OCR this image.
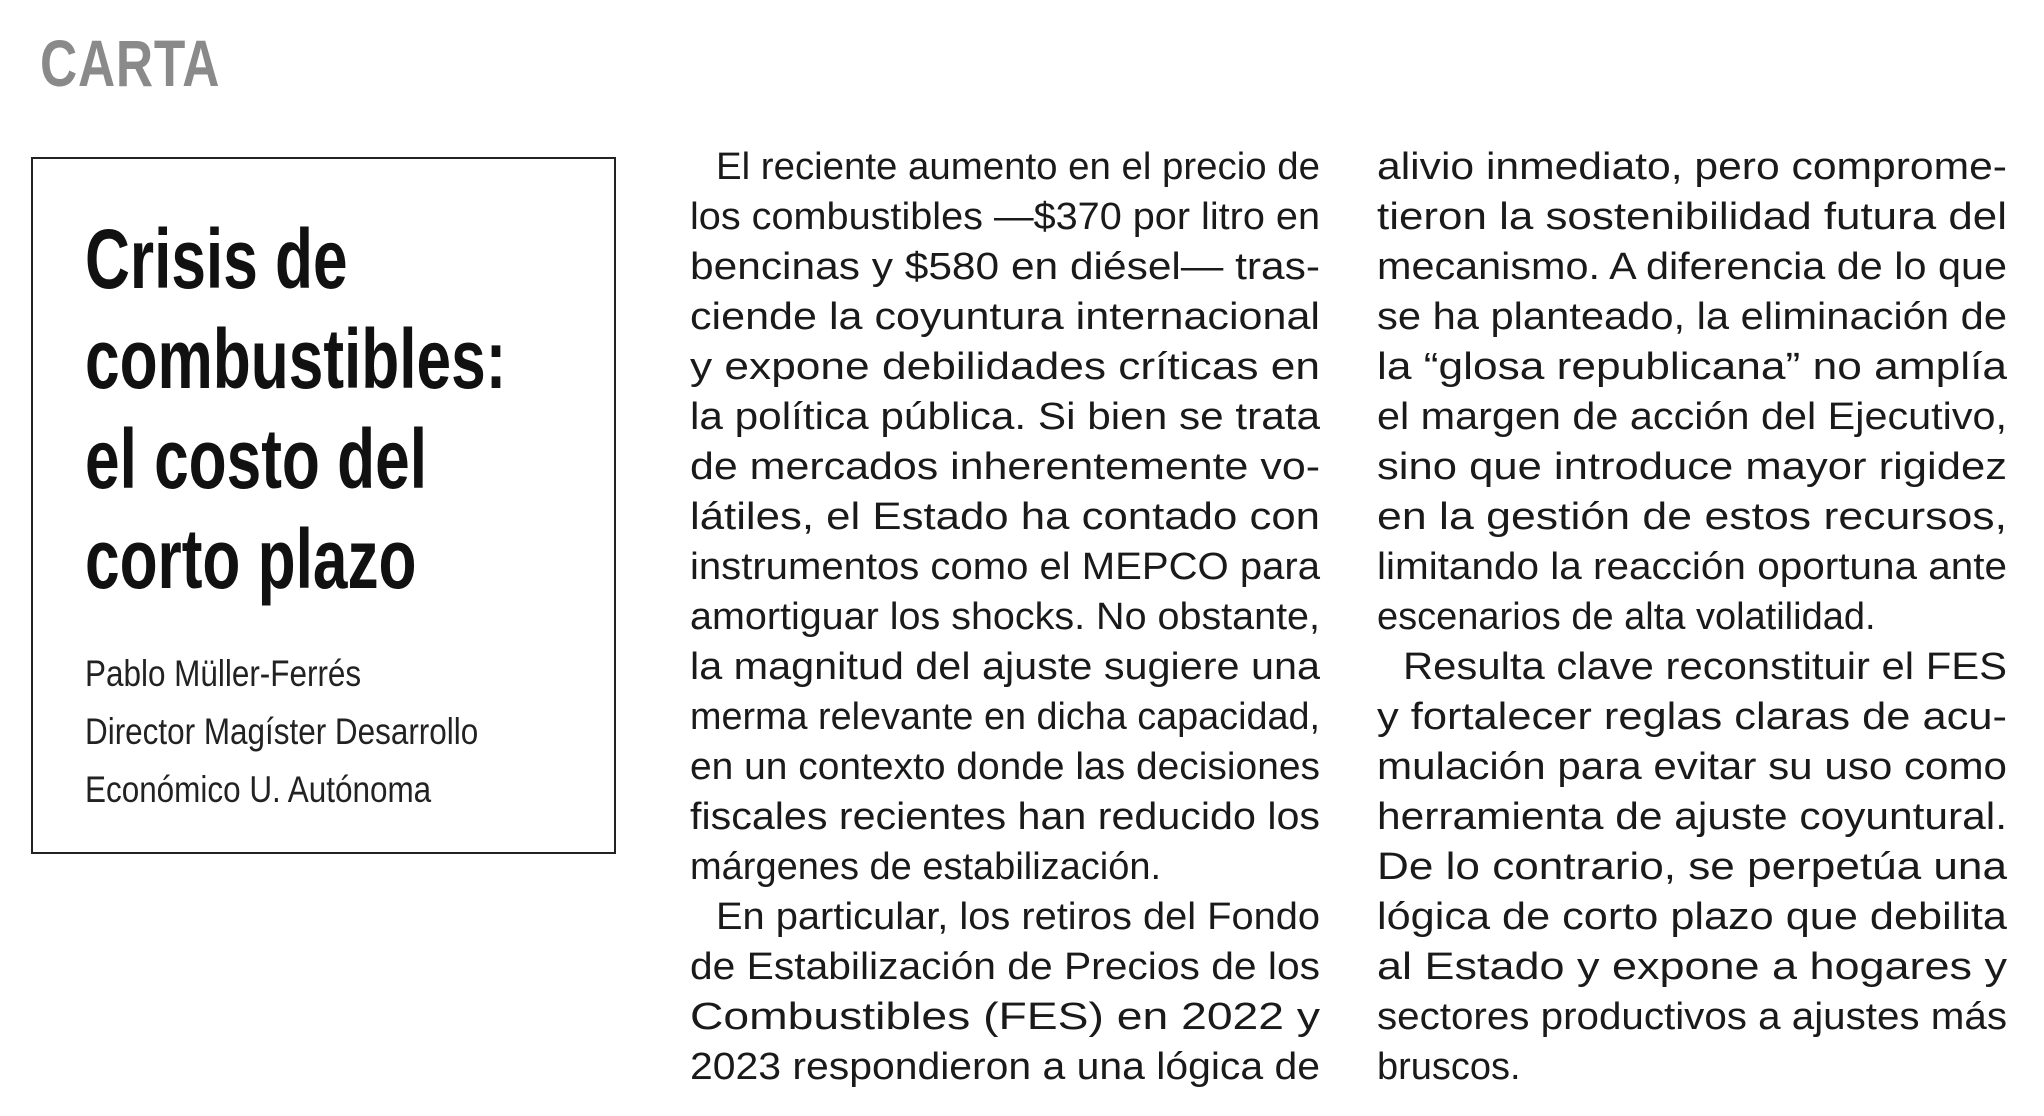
CARTA
Crisis de
combustibles:
el costo del
corto plazo
Pablo Müller-Ferrés
Director Magíster Desarrollo
Económico U. Autónoma
El reciente aumento en el precio de
los combustibles —$370 por litro en
bencinas y $580 en diésel— tras-
ciende la coyuntura internacional
y expone debilidades críticas en
la política pública. Si bien se trata
de mercados inherentemente vo-
látiles, el Estado ha contado con
instrumentos como el MEPCO para
amortiguar los shocks. No obstante,
la magnitud del ajuste sugiere una
merma relevante en dicha capacidad,
en un contexto donde las decisiones
fiscales recientes han reducido los
márgenes de estabilización.
En particular, los retiros del Fondo
de Estabilización de Precios de los
Combustibles (FES) en 2022 y
2023 respondieron a una lógica de
alivio inmediato, pero comprome-
tieron la sostenibilidad futura del
mecanismo. A diferencia de lo que
se ha planteado, la eliminación de
la “glosa republicana” no amplía
el margen de acción del Ejecutivo,
sino que introduce mayor rigidez
en la gestión de estos recursos,
limitando la reacción oportuna ante
escenarios de alta volatilidad.
Resulta clave reconstituir el FES
y fortalecer reglas claras de acu-
mulación para evitar su uso como
herramienta de ajuste coyuntural.
De lo contrario, se perpetúa una
lógica de corto plazo que debilita
al Estado y expone a hogares y
sectores productivos a ajustes más
bruscos.
